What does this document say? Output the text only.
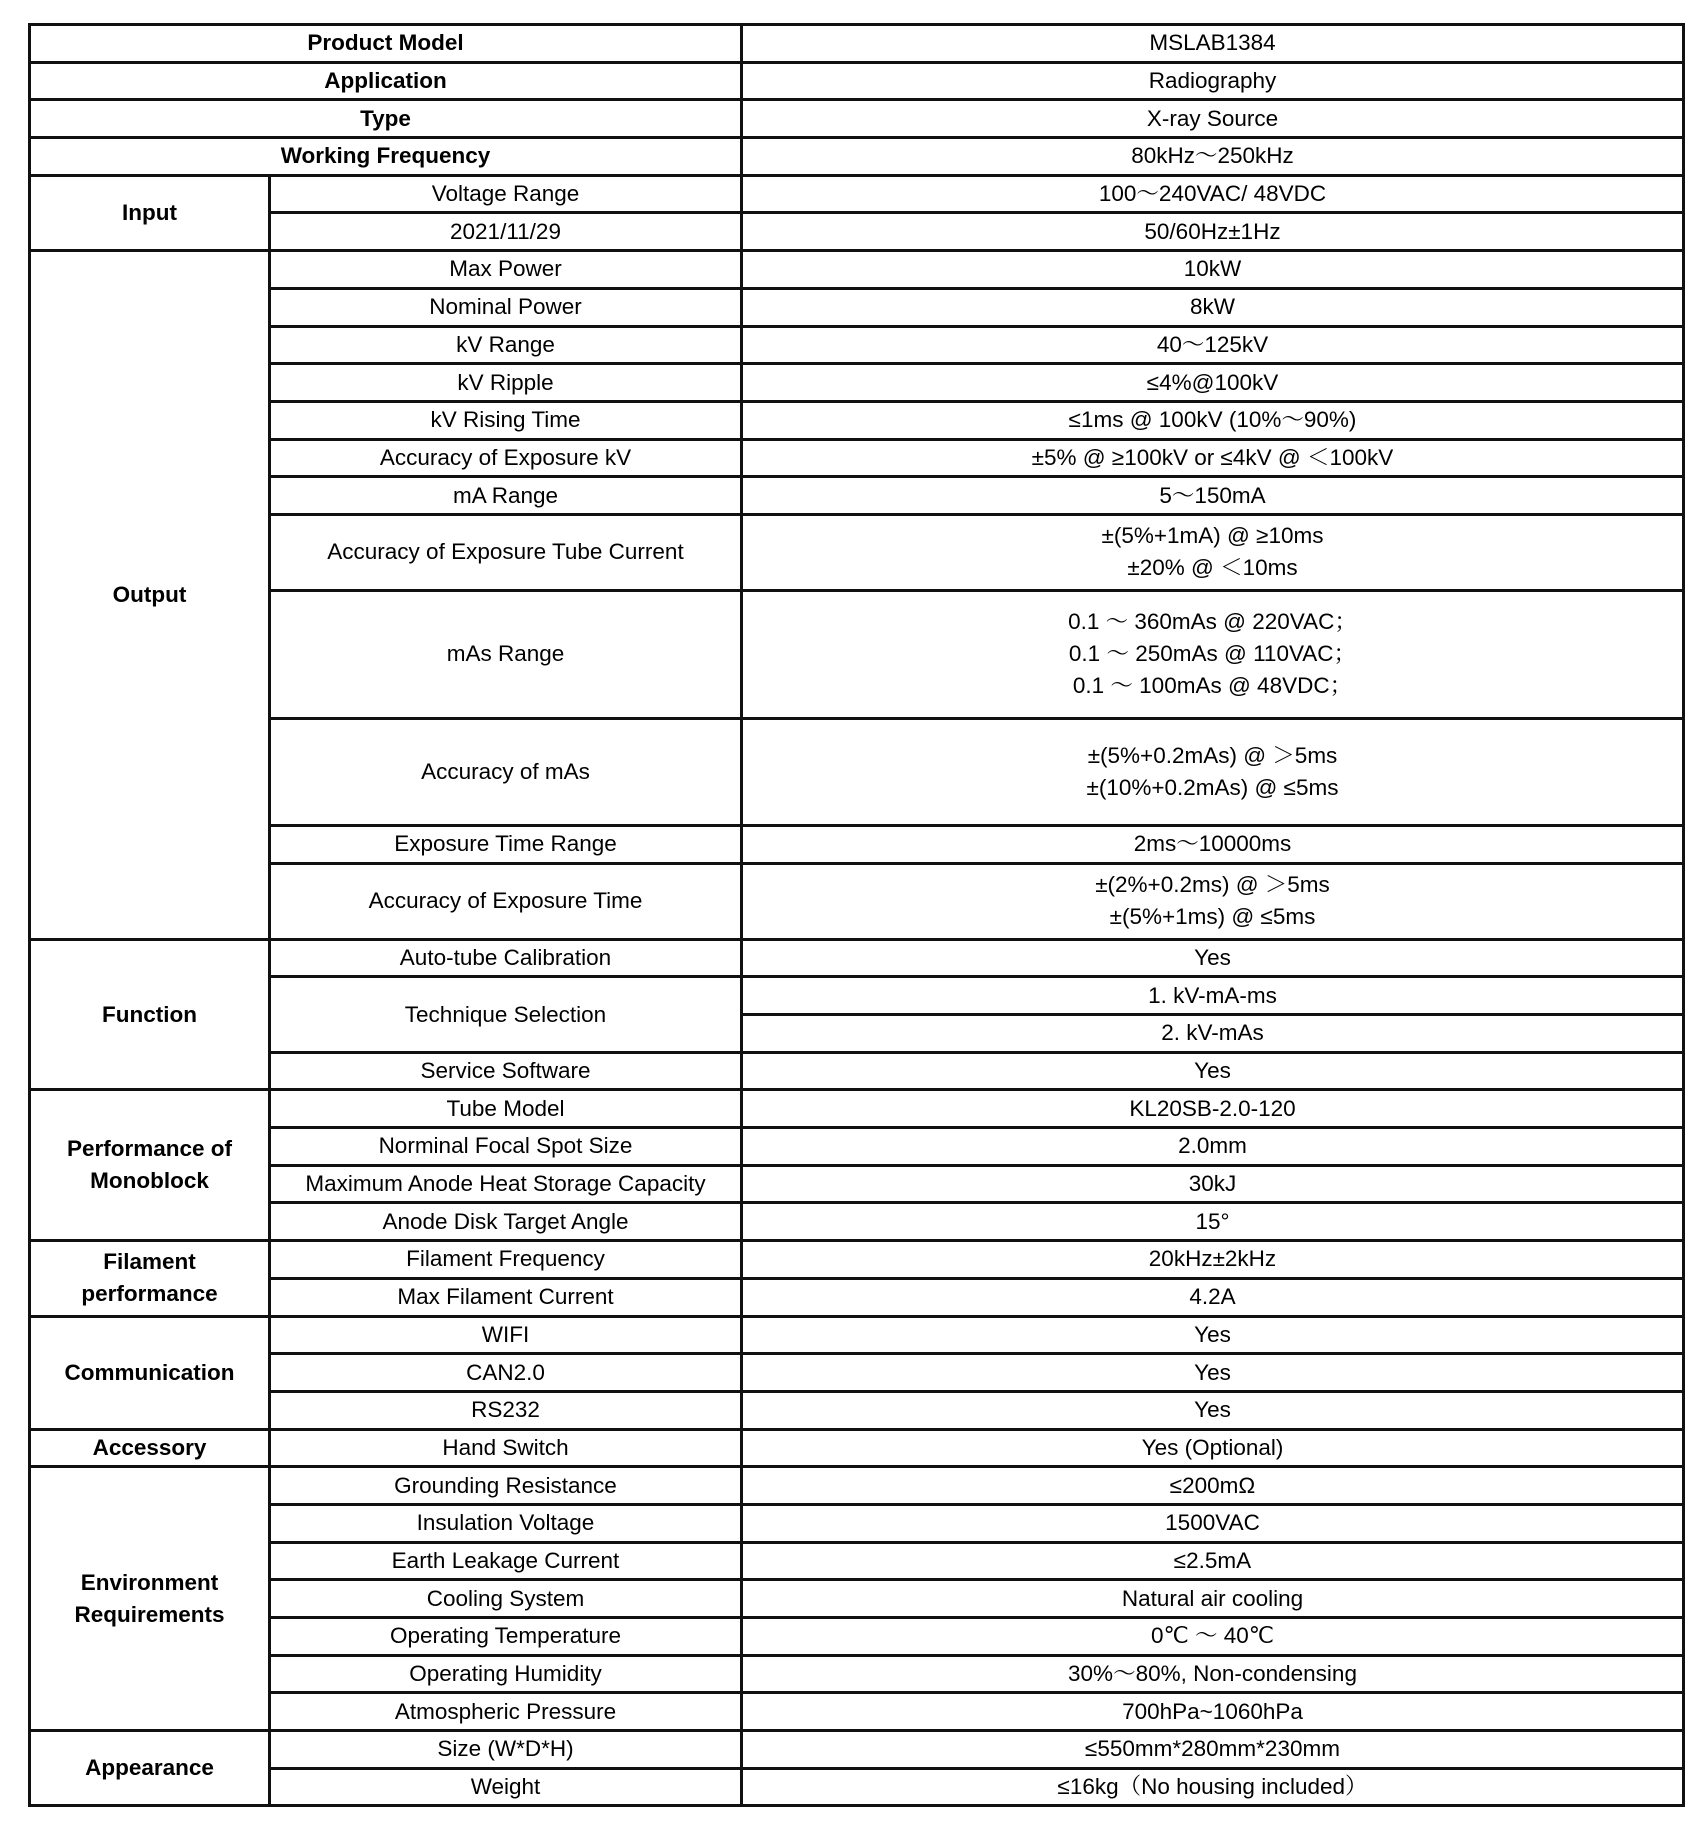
Product Model		MSLAB1384
Application		Radiography
Type		X-ray Source
Working Frequency		80kHz～250kHz

Input	Voltage Range	100～240VAC/ 48VDC
	2021/11/29	50/60Hz±1Hz

Output	Max Power	10kW
	Nominal Power	8kW
	kV Range	40～125kV
	kV Ripple	≤4%@100kV
	kV Rising Time	≤1ms @ 100kV (10%～90%)
	Accuracy of Exposure kV	±5% @ ≥100kV or ≤4kV @ ＜100kV
	mA Range	5～150mA
	Accuracy of Exposure Tube Current	±(5%+1mA) @ ≥10ms
±20% @ ＜10ms

	mAs Range	0.1 ～ 360mAs @ 220VAC；
0.1 ～ 250mAs @ 110VAC；
0.1 ～ 100mAs @ 48VDC；

	Accuracy of mAs	±(5%+0.2mAs) @ ＞5ms
±(10%+0.2mAs) @ ≤5ms

	Exposure Time Range	2ms～10000ms
	Accuracy of Exposure Time	±(2%+0.2ms) @ ＞5ms
±(5%+1ms) @ ≤5ms

Function	Auto-tube Calibration	Yes
	Technique Selection	1. kV-mA-ms
		2. kV-mAs
	Service Software	Yes

Performance of
Monoblock	Tube Model	KL20SB-2.0-120
	Norminal Focal Spot Size	2.0mm
	Maximum Anode Heat Storage Capacity	30kJ
	Anode Disk Target Angle	15°

Filament
performance	Filament Frequency	20kHz±2kHz
	Max Filament Current	4.2A

Communication	WIFI	Yes
	CAN2.0	Yes
	RS232	Yes

Accessory	Hand Switch	Yes (Optional)

Environment
Requirements	Grounding Resistance	≤200mΩ
	Insulation Voltage	1500VAC
	Earth Leakage Current	≤2.5mA
	Cooling System	Natural air cooling
	Operating Temperature	0℃ ～ 40℃
	Operating Humidity	30%～80%, Non-condensing
	Atmospheric Pressure	700hPa~1060hPa

Appearance	Size (W*D*H)	≤550mm*280mm*230mm
	Weight	≤16kg（No housing included）
